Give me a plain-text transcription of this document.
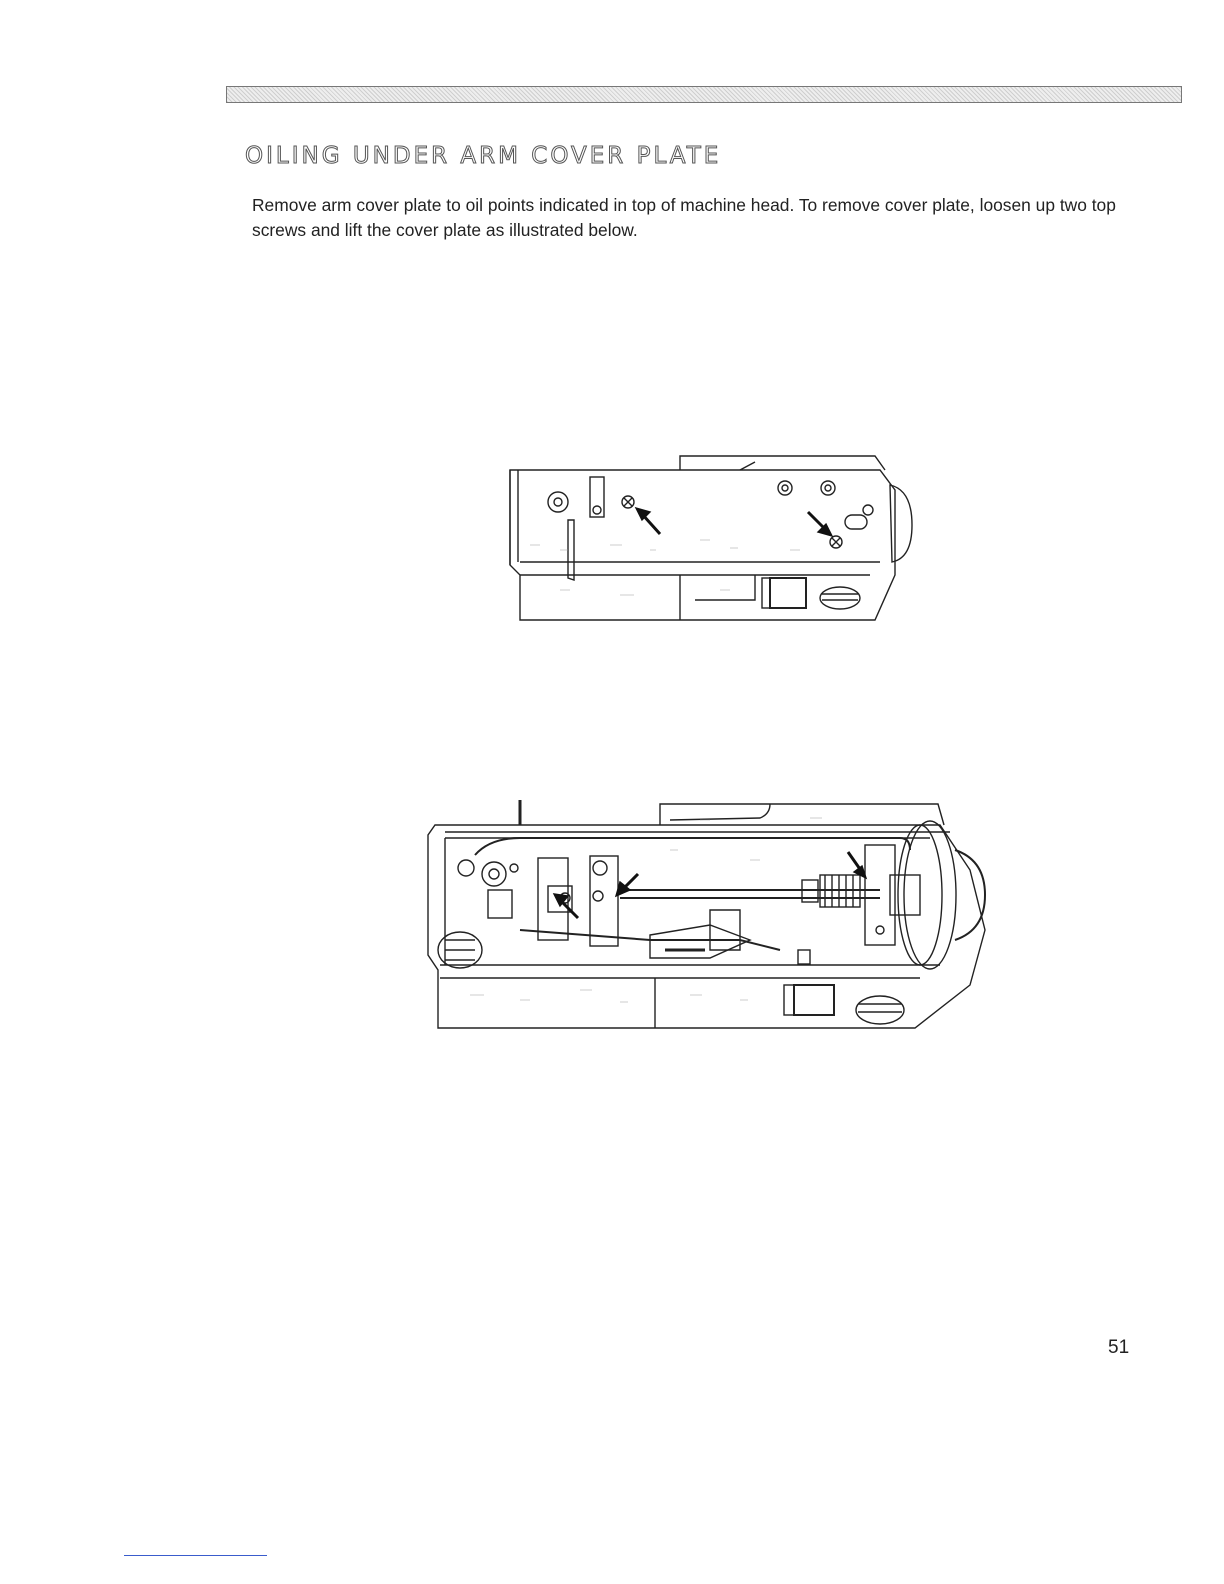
OILING UNDER ARM COVER PLATE

Remove arm cover plate to oil points indicated in top of machine head. To remove cover plate, loosen up two top screws and lift the cover plate as illustrated below.

51
